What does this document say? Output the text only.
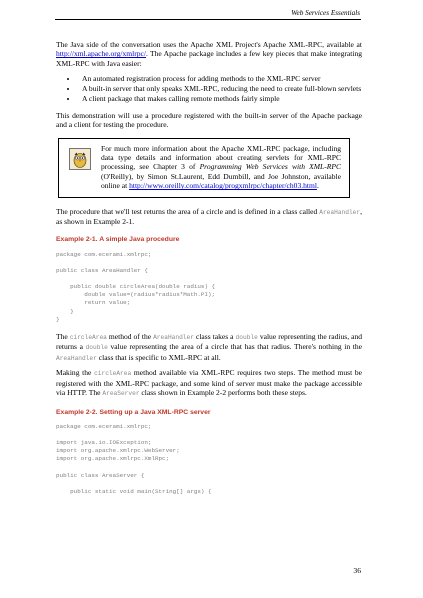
Web Services Essentials

The Java side of the conversation uses the Apache XML Project's Apache XML-RPC, available at http://xml.apache.org/xmlrpc/. The Apache package includes a few key pieces that make integrating XML-RPC with Java easier:

• An automated registration process for adding methods to the XML-RPC server
• A built-in server that only speaks XML-RPC, reducing the need to create full-blown servlets
• A client package that makes calling remote methods fairly simple

This demonstration will use a procedure registered with the built-in server of the Apache package and a client for testing the procedure.

For much more information about the Apache XML-RPC package, including data type details and information about creating servlets for XML-RPC processing, see Chapter 3 of Programming Web Services with XML-RPC (O'Reilly), by Simon St.Laurent, Edd Dumbill, and Joe Johnston, available online at http://www.oreilly.com/catalog/progxmlrpc/chapter/ch03.html.

The procedure that we'll test returns the area of a circle and is defined in a class called AreaHandler, as shown in Example 2-1.

Example 2-1. A simple Java procedure
package com.ecerami.xmlrpc;

public class AreaHandler {

public double circleArea(double radius) {
double value=(radius*radius*Math.PI);
return value;
}
}

The circleArea method of the AreaHandler class takes a double value representing the radius, and returns a double value representing the area of a circle that has that radius. There's nothing in the AreaHandler class that is specific to XML-RPC at all.

Making the circleArea method available via XML-RPC requires two steps. The method must be registered with the XML-RPC package, and some kind of server must make the package accessible via HTTP. The AreaServer class shown in Example 2-2 performs both these steps.

Example 2-2. Setting up a Java XML-RPC server
package com.ecerami.xmlrpc;

import java.io.IOException;
import org.apache.xmlrpc.WebServer;
import org.apache.xmlrpc.XmlRpc;

public class AreaServer {

public static void main(String[] args) {
36
